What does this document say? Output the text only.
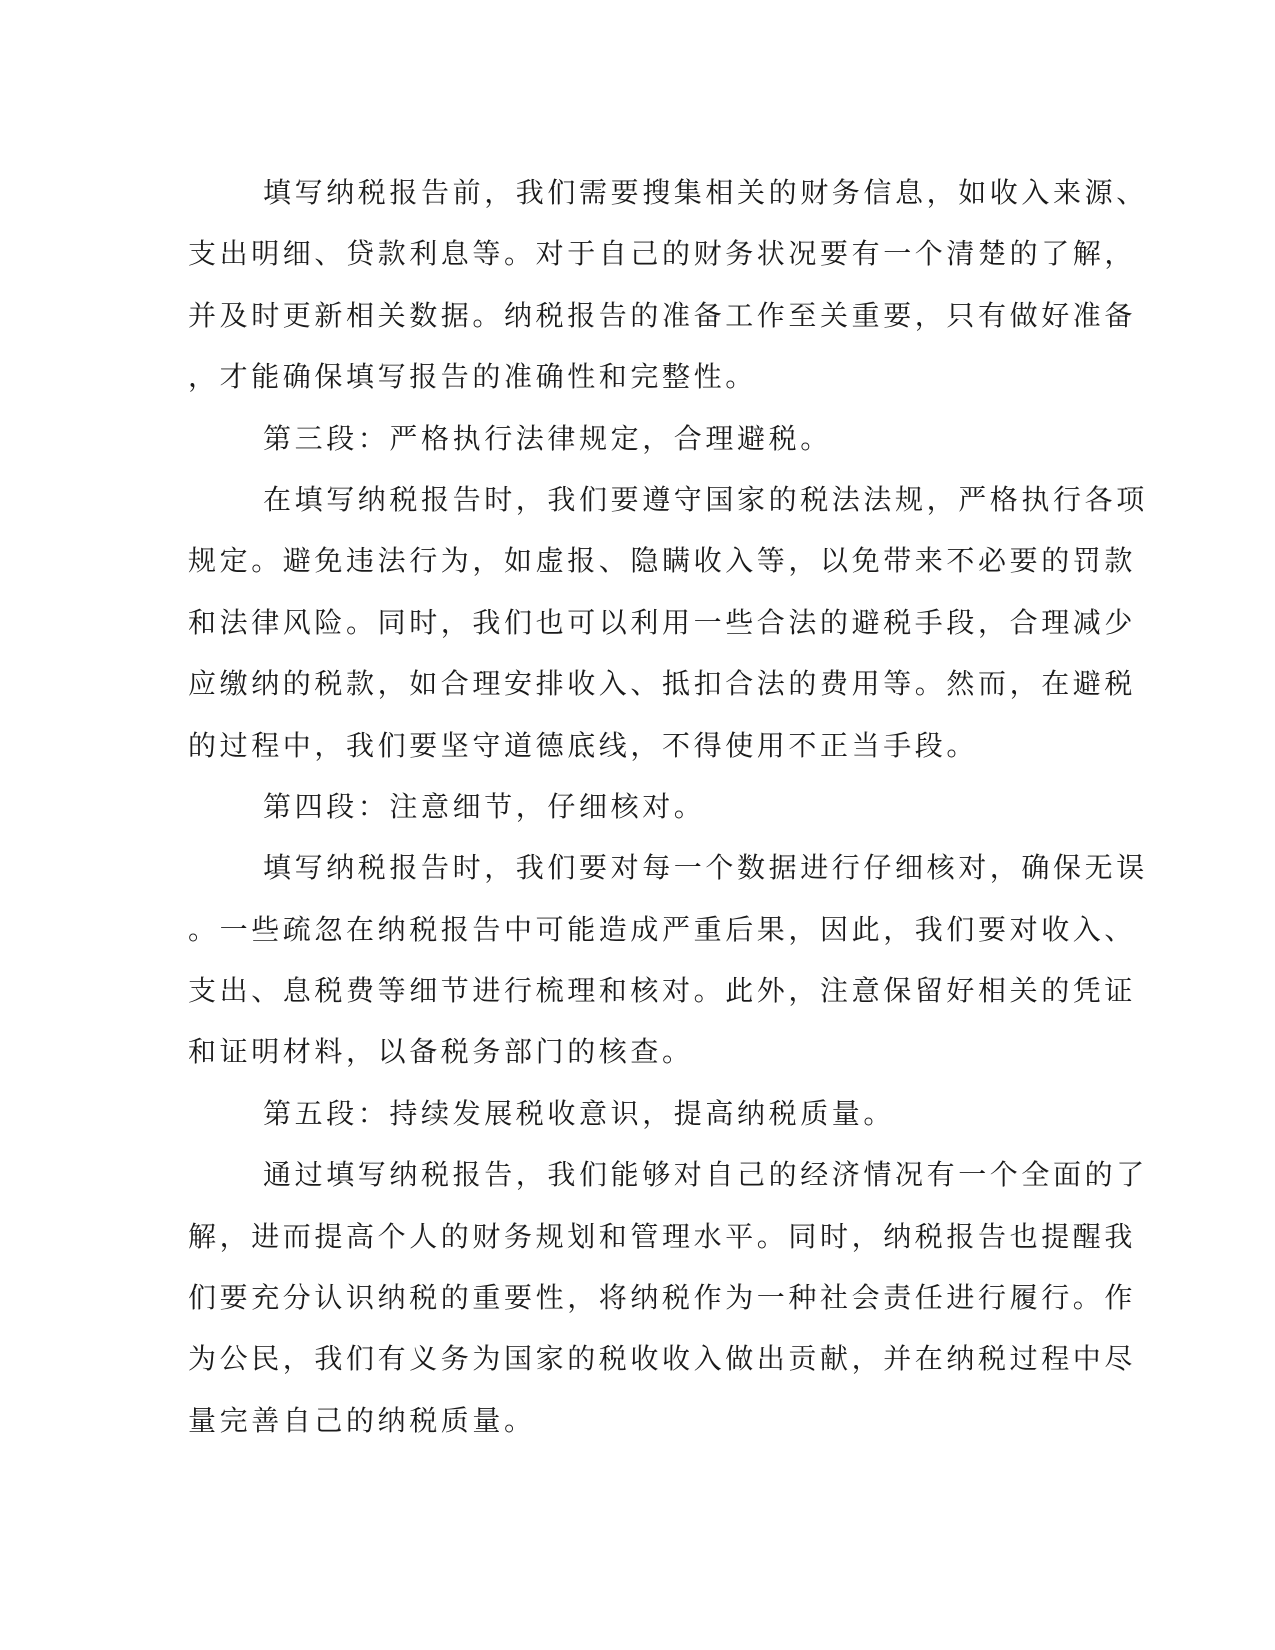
填写纳税报告前，我们需要搜集相关的财务信息，如收入来源、
支出明细、贷款利息等。对于自己的财务状况要有一个清楚的了解，
并及时更新相关数据。纳税报告的准备工作至关重要，只有做好准备
，才能确保填写报告的准确性和完整性。
第三段：严格执行法律规定，合理避税。
在填写纳税报告时，我们要遵守国家的税法法规，严格执行各项
规定。避免违法行为，如虚报、隐瞒收入等，以免带来不必要的罚款
和法律风险。同时，我们也可以利用一些合法的避税手段，合理减少
应缴纳的税款，如合理安排收入、抵扣合法的费用等。然而，在避税
的过程中，我们要坚守道德底线，不得使用不正当手段。
第四段：注意细节，仔细核对。
填写纳税报告时，我们要对每一个数据进行仔细核对，确保无误
。一些疏忽在纳税报告中可能造成严重后果，因此，我们要对收入、
支出、息税费等细节进行梳理和核对。此外，注意保留好相关的凭证
和证明材料，以备税务部门的核查。
第五段：持续发展税收意识，提高纳税质量。
通过填写纳税报告，我们能够对自己的经济情况有一个全面的了
解，进而提高个人的财务规划和管理水平。同时，纳税报告也提醒我
们要充分认识纳税的重要性，将纳税作为一种社会责任进行履行。作
为公民，我们有义务为国家的税收收入做出贡献，并在纳税过程中尽
量完善自己的纳税质量。
